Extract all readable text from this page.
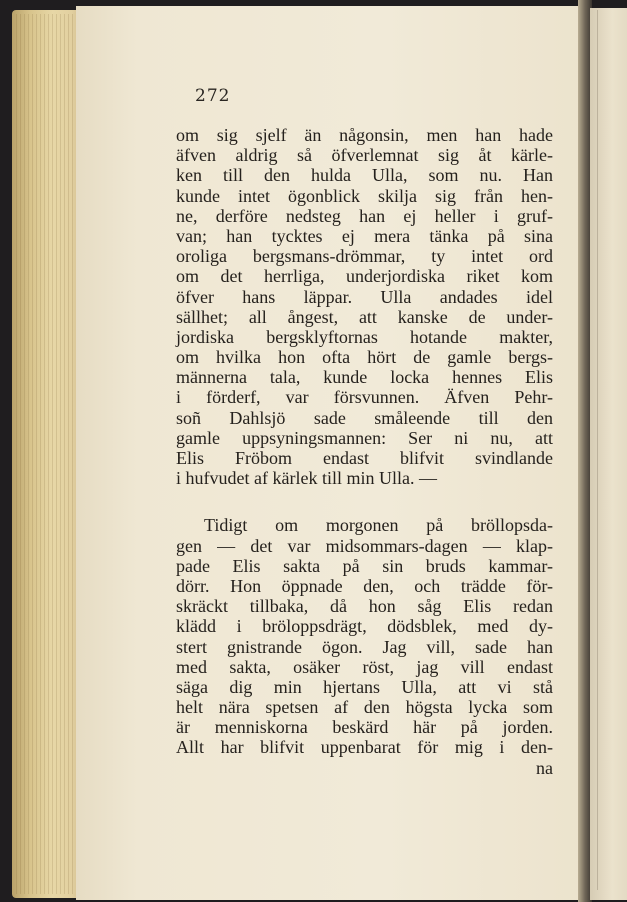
272
om sig sjelf än någonsin, men han hade
äfven aldrig så öfverlemnat sig åt kärle-
ken till den hulda Ulla, som nu. Han
kunde intet ögonblick skilja sig från hen-
ne, derföre nedsteg han ej heller i gruf-
van; han tycktes ej mera tänka på sina
oroliga bergsmans-drömmar, ty intet ord
om det herrliga, underjordiska riket kom
öfver hans läppar. Ulla andades idel
sällhet; all ångest, att kanske de under-
jordiska bergsklyftornas hotande makter,
om hvilka hon ofta hört de gamle bergs-
männerna tala, kunde locka hennes Elis
i förderf, var försvunnen. Äfven Pehr-
soñ Dahlsjö sade småleende till den
gamle uppsyningsmannen: Ser ni nu, att
Elis Fröbom endast blifvit svindlande
i hufvudet af kärlek till min Ulla. —
Tidigt om morgonen på bröllopsda-
gen — det var midsommars-dagen — klap-
pade Elis sakta på sin bruds kammar-
dörr. Hon öppnade den, och trädde för-
skräckt tillbaka, då hon såg Elis redan
klädd i bröloppsdrägt, dödsblek, med dy-
stert gnistrande ögon. Jag vill, sade han
med sakta, osäker röst, jag vill endast
säga dig min hjertans Ulla, att vi stå
helt nära spetsen af den högsta lycka som
är menniskorna beskärd här på jorden.
Allt har blifvit uppenbarat för mig i den-
na
